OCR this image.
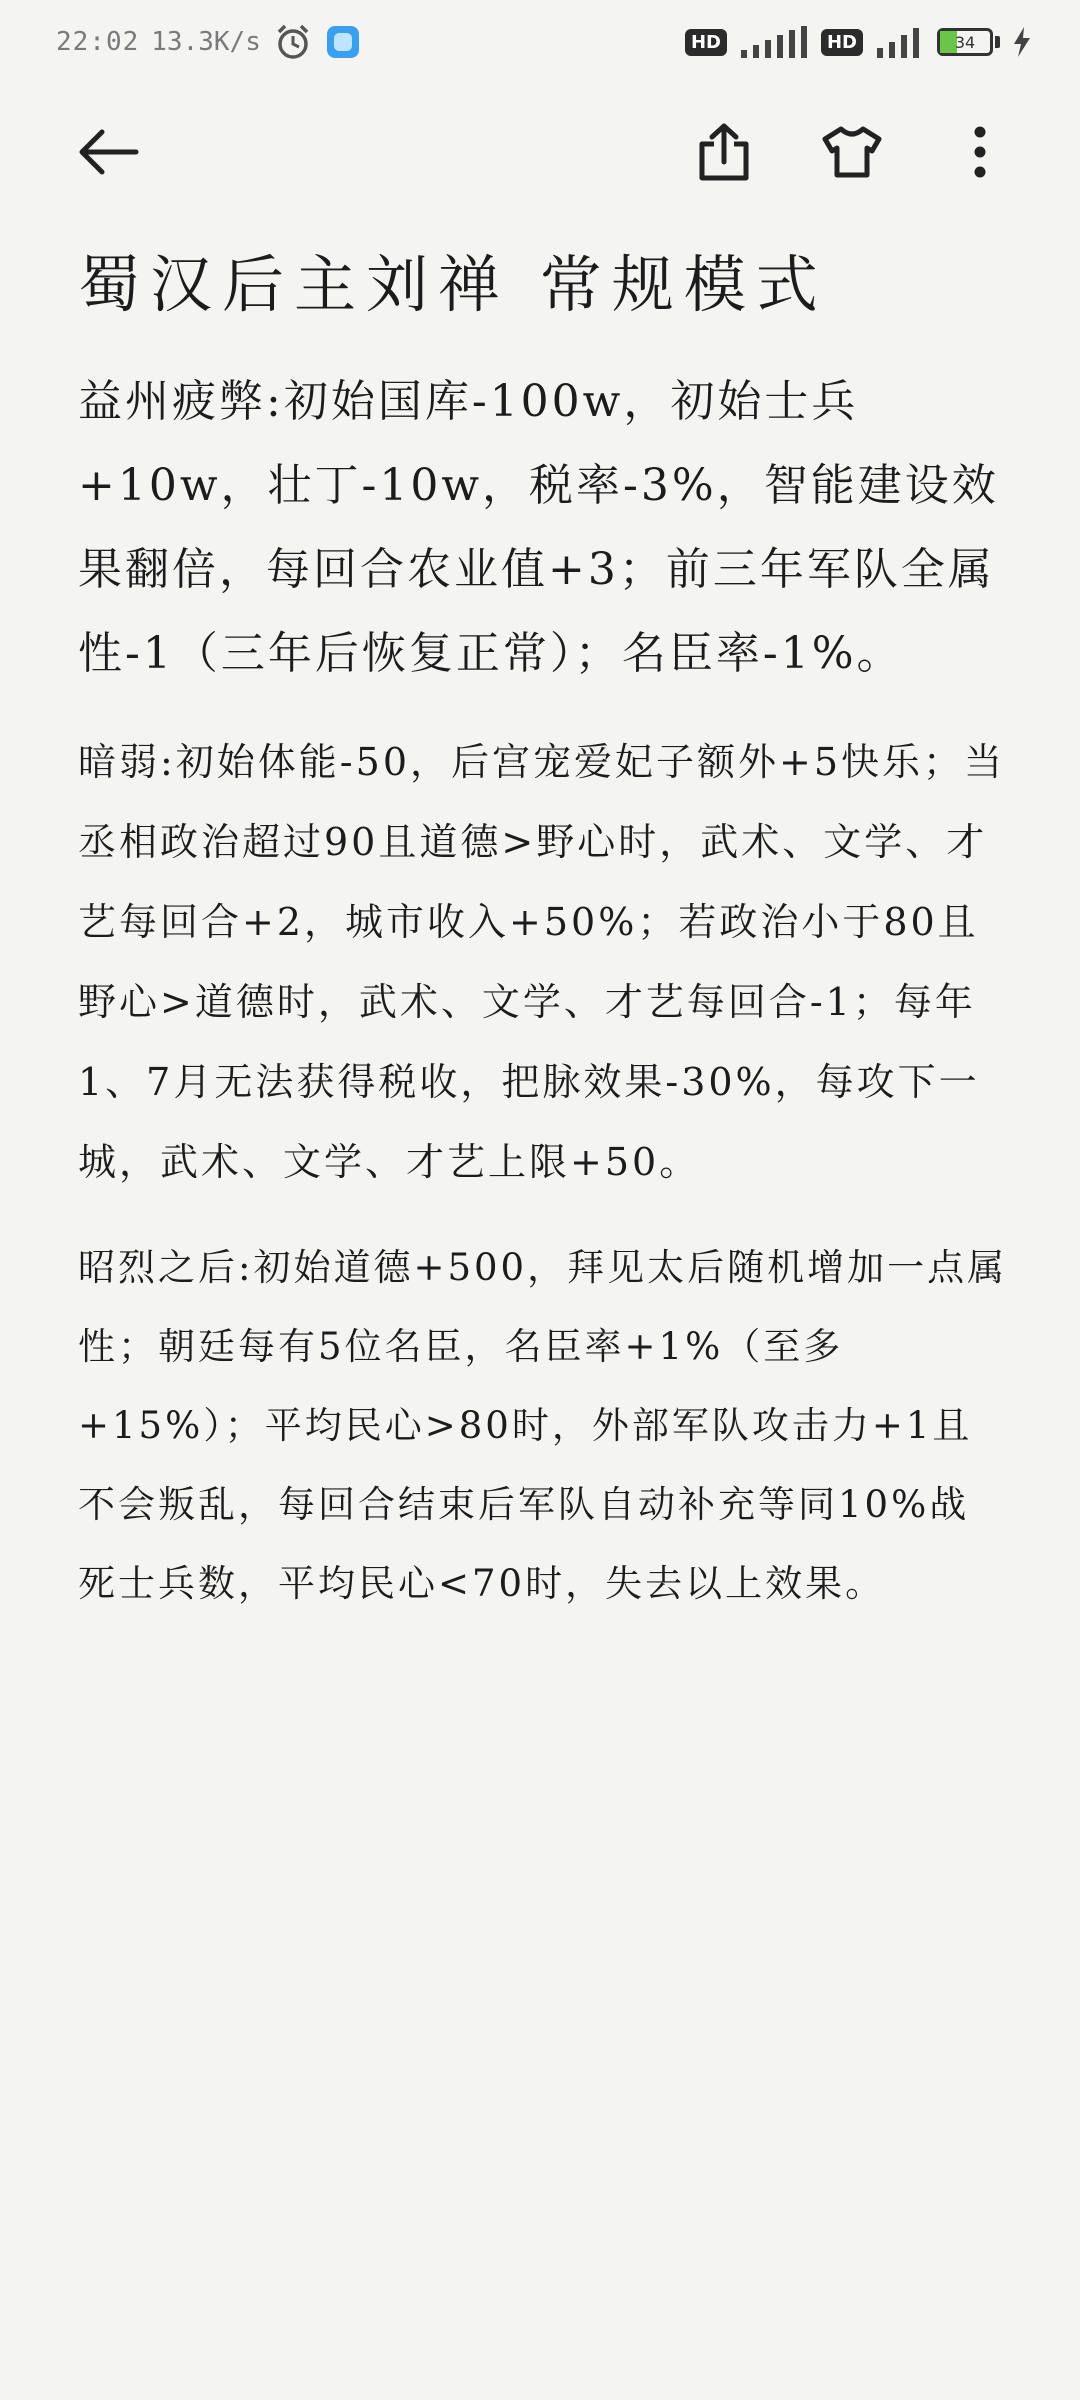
22:02 13.3K/s	HD	HD	34
蜀汉后主刘禅 常规模式

益州疲弊:初始国库-100w，初始士兵+10w，壮丁-10w，税率-3%，智能建设效果翻倍，每回合农业值+3；前三年军队全属性-1（三年后恢复正常）；名臣率-1%。

暗弱:初始体能-50，后宫宠爱妃子额外+5快乐；当丞相政治超过90且道德>野心时，武术、文学、才艺每回合+2，城市收入+50%；若政治小于80且野心>道德时，武术、文学、才艺每回合-1；每年1、7月无法获得税收，把脉效果-30%，每攻下一城，武术、文学、才艺上限+50。

昭烈之后:初始道德+500，拜见太后随机增加一点属性；朝廷每有5位名臣，名臣率+1%（至多+15%）；平均民心>80时，外部军队攻击力+1且不会叛乱，每回合结束后军队自动补充等同10%战死士兵数，平均民心<70时，失去以上效果。
